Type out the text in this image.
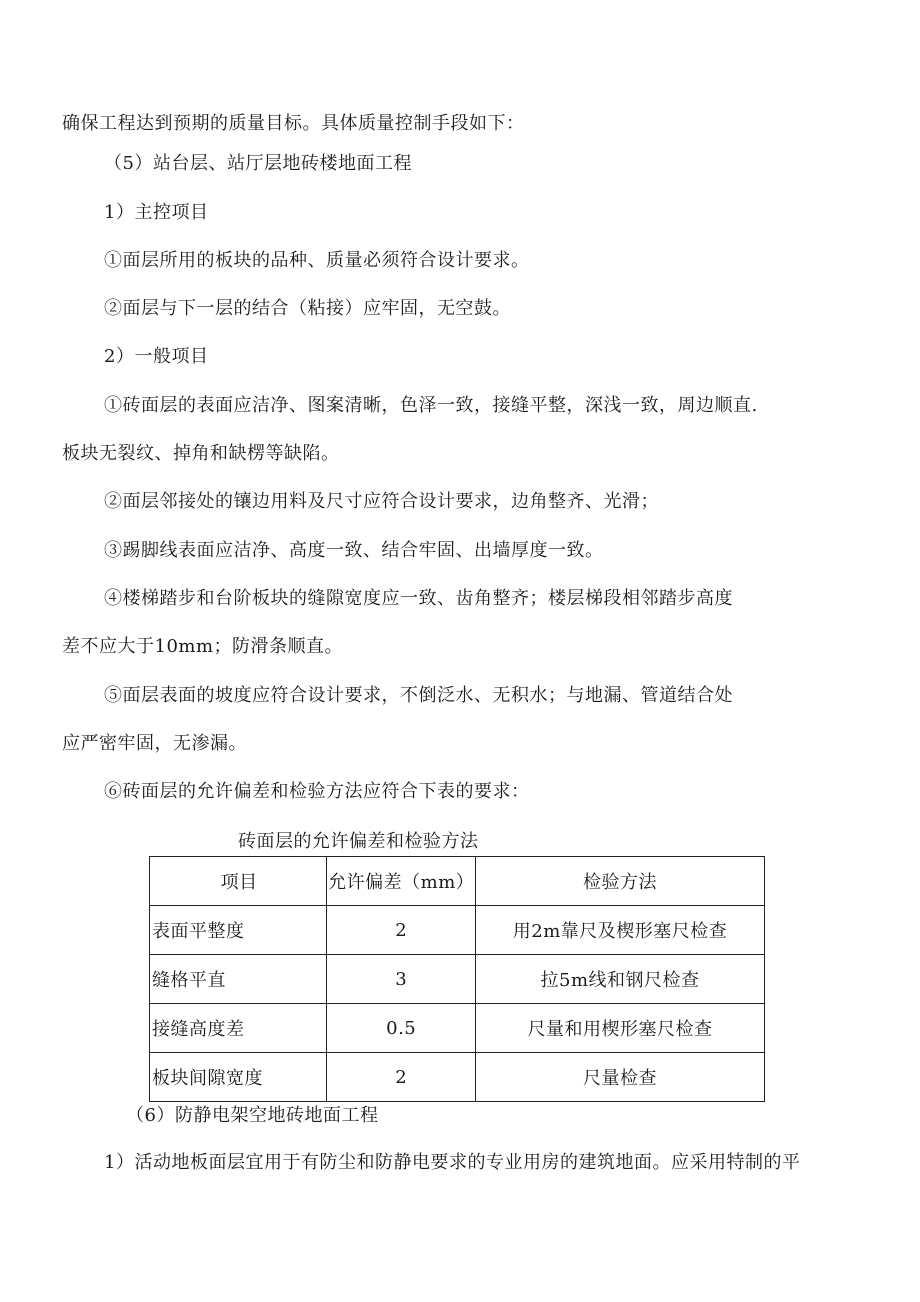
确保工程达到预期的质量目标。具体质量控制手段如下：
（5）站台层、站厅层地砖楼地面工程
1）主控项目
①面层所用的板块的品种、质量必须符合设计要求。
②面层与下一层的结合（粘接）应牢固，无空鼓。
2）一般项目
①砖面层的表面应洁净、图案清晰，色泽一致，接缝平整，深浅一致，周边顺直.
板块无裂纹、掉角和缺楞等缺陷。
②面层邻接处的镶边用料及尺寸应符合设计要求，边角整齐、光滑；
③踢脚线表面应洁净、高度一致、结合牢固、出墙厚度一致。
④楼梯踏步和台阶板块的缝隙宽度应一致、齿角整齐；楼层梯段相邻踏步高度
差不应大于10mm；防滑条顺直。
⑤面层表面的坡度应符合设计要求，不倒泛水、无积水；与地漏、管道结合处
应严密牢固，无渗漏。
⑥砖面层的允许偏差和检验方法应符合下表的要求：
砖面层的允许偏差和检验方法
项目	允许偏差（mm）	检验方法
表面平整度	2	用2m靠尺及楔形塞尺检查
缝格平直	3	拉5m线和钢尺检查
接缝高度差	0.5	尺量和用楔形塞尺检查
板块间隙宽度	2	尺量检查
（6）防静电架空地砖地面工程
1）活动地板面层宜用于有防尘和防静电要求的专业用房的建筑地面。应采用特制的平
